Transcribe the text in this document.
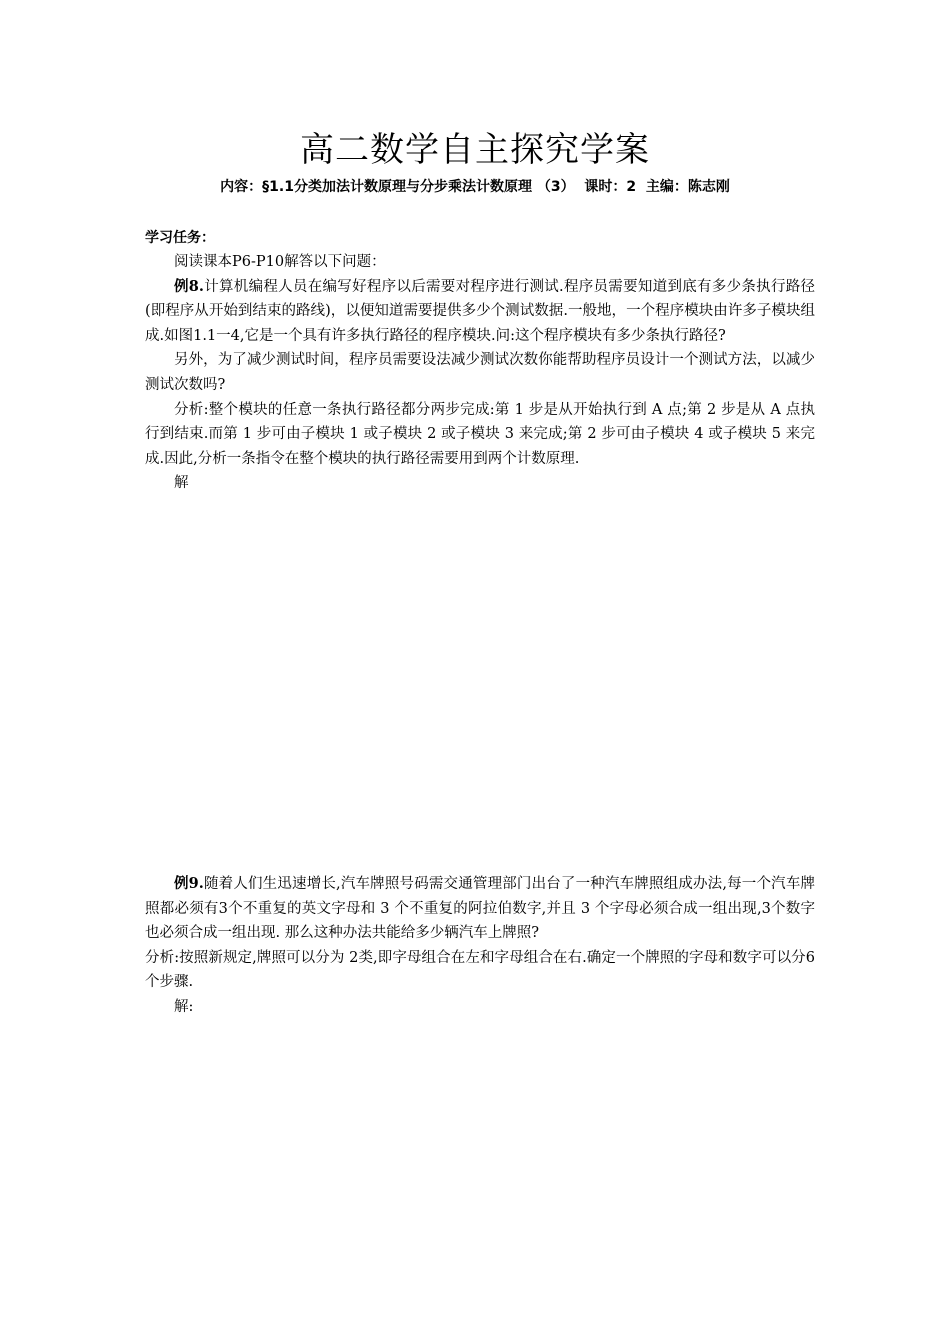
高二数学自主探究学案
内容：§1.1分类加法计数原理与分步乘法计数原理 （3） 课时：2 主编：陈志刚
学习任务：

阅读课本P6-P10解答以下问题：

例8.计算机编程人员在编写好程序以后需要对程序进行测试.程序员需要知道到底有多少条执行路径(即程序从开始到结束的路线)，以便知道需要提供多少个测试数据.一般地，一个程序模块由许多子模块组成.如图1.1一4,它是一个具有许多执行路径的程序模块.问:这个程序模块有多少条执行路径?

另外，为了减少测试时间，程序员需要设法减少测试次数你能帮助程序员设计一个测试方法，以减少测试次数吗?

分析:整个模块的任意一条执行路径都分两步完成:第 1 步是从开始执行到 A 点;第 2 步是从 A 点执行到结束.而第 1 步可由子模块 1 或子模块 2 或子模块 3 来完成;第 2 步可由子模块 4 或子模块 5 来完成.因此,分析一条指令在整个模块的执行路径需要用到两个计数原理.

解

例9.随着人们生迅速增长,汽车牌照号码需交通管理部门出台了一种汽车牌照组成办法,每一个汽车牌照都必须有3个不重复的英文字母和 3 个不重复的阿拉伯数字,并且 3 个字母必须合成一组出现,3个数字也必须合成一组出现. 那么这种办法共能给多少辆汽车上牌照?

分析:按照新规定,牌照可以分为 2类,即字母组合在左和字母组合在右.确定一个牌照的字母和数字可以分6个步骤.

解:
